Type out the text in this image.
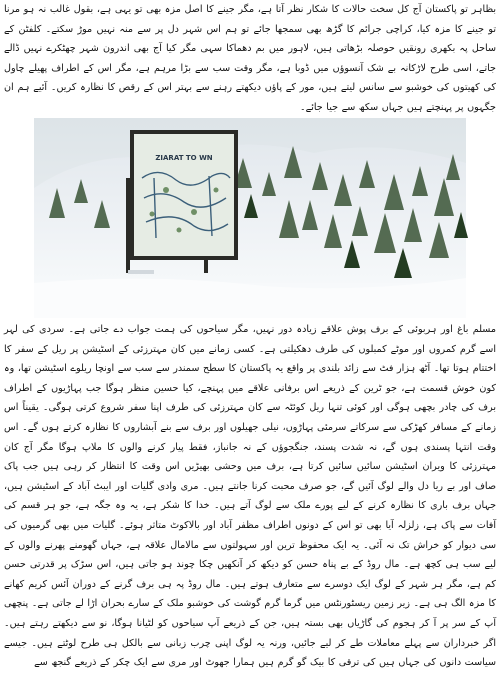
بظاہر تو پاکستان آج کل سخت حالات کا شکار نظر آتا ہے، مگر جینے کا اصل مزہ بھی تو یہی ہے، بقول غالب نہ ہو مرنا تو جینے کا مزہ کیا، کراچی جرائم کا گڑھ بھی سمجھا جائے تو ہم اس شہر دل پر سے منہ نہیں موڑ سکتے۔ کلفٹن کے ساحل پہ بکھری رونقیں حوصلہ بڑھاتی ہیں، لاہور میں بم دھماکا سہی مگر کیا آج بھی اندرون شہر چھٹکرے نہیں ڈالے جاتے، اسی طرح لاڑکانہ بے شک آنسوؤں میں ڈوبا ہے، مگر وقت سب سے بڑا مرہم ہے، مگر اس کے اطراف پھیلے چاول کی کھیتوں کی خوشبو سے سانس لیتے ہیں، مور کے پاؤں دیکھتے رہنے سے بہتر اس کے رقص کا نظارہ کریں۔ آئیے ہم ان جگہوں پر پہنچتے ہیں جہاں سکھ سے جیا جائے۔

ZIARAT TO WN

مسلم باغ اور ہربوئی کے برف پوش علاقے زیادہ دور نہیں، مگر سیاحوں کی ہمت جواب دے جاتی ہے۔ سردی کی لہر اسے گرم کمروں اور موٹے کمبلوں کی طرف دھکیلتی ہے۔ کسی زمانے میں کان مہترزئی کے اسٹیشن پر ریل کے سفر کا اختتام ہوتا تھا۔ آٹھ ہزار فٹ سے زائد بلندی پر واقع یہ پاکستان کا سطح سمندر سے سب سے اونچا ریلوے اسٹیشن تھا، وہ کون خوش قسمت ہے، جو ٹرین کے ذریعے اس برفانی علاقے میں پہنچے، کیا حسین منظر ہوگا جب پہاڑیوں کے اطراف برف کی چادر بچھی ہوگی اور کوئی تنہا ریل کوئٹہ سے کان مہترزئی کی طرف اپنا سفر شروع کرتی ہوگی۔ یقیناً اس زمانے کے مسافر کھڑکی سے سرکاتے سرمئی پہاڑوں، نیلی جھیلوں اور برف سے بنے آبشاروں کا نظارہ کرتے ہوں گے۔ اس وقت انتہا پسندی ہوں گے، نہ شدت پسند، جنگجوؤں کے نہ جانباز، فقط پیار کرنے والوں کا ملاپ ہوگا مگر آج کان مہترزئی کا ویران اسٹیشن سائیں سائیں کرتا ہے، برف میں وحشی بھیڑیں اس وقت کا انتظار کر رہی ہیں جب پاک صاف اور بے ریا دل والے لوگ آئیں گے، جو صرف محبت کرنا جانتے ہیں۔ مری وادی گلیات اور ایبٹ آباد کے اسٹیشن ہیں، جہاں برف باری کا نظارہ کرنے کے لیے پورے ملک سے لوگ آتے ہیں۔ خدا کا شکر ہے، یہ وہ جگہ ہے، جو ہر قسم کی آفات سے پاک ہے، زلزلہ آیا بھی تو اس کے دونوں اطراف مظفر آباد اور بالاکوٹ متاثر ہوئے۔ گلیات میں بھی گرمیوں کی سی دیوار کو خراش تک نہ آئی۔ یہ ایک محفوظ ترین اور سہولتوں سے مالامال علاقہ ہے، جہاں گھومنے پھرنے والوں کے لیے سب ہی کچھ ہے۔ مال روڈ کے بے پناہ حسن کو دیکھ کر آنکھیں چکا چوند ہو جاتی ہیں، اس سڑک پر قدرتی حسن کم ہے، مگر ہر شہر کے لوگ ایک دوسرے سے متعارف ہوتے ہیں۔ مال روڈ پہ ہی برف گرنے کے دوران آئس کریم کھانے کا مزہ الگ ہی ہے۔ زیر زمین ریسٹورنٹس میں گرما گرم گوشت کی خوشبو ملک کے سارے بحران اڑا لے جاتی ہے۔ پنچھی آپ کے سر پر آ کر ہجوم کی گاڑیاں بھی بستہ ہیں، جن کے ذریعے آپ سیاحوں کو لٹیانا ہوگا، نو سے دیکھتے رہتے ہیں۔ اگر خبرداران سے پہلے معاملات طے کر لیے جائیں، ورنہ یہ لوگ اپنی چرب زبانی سے بالکل ہی طرح لوٹتے ہیں۔ جیسے سیاست دانوں کی جہاں ہیں کی ترقی کا بیک گو گرم ہیں ہمارا جھوٹ اور مری سے ایک چکر کے ذریعے گنجھ سے
